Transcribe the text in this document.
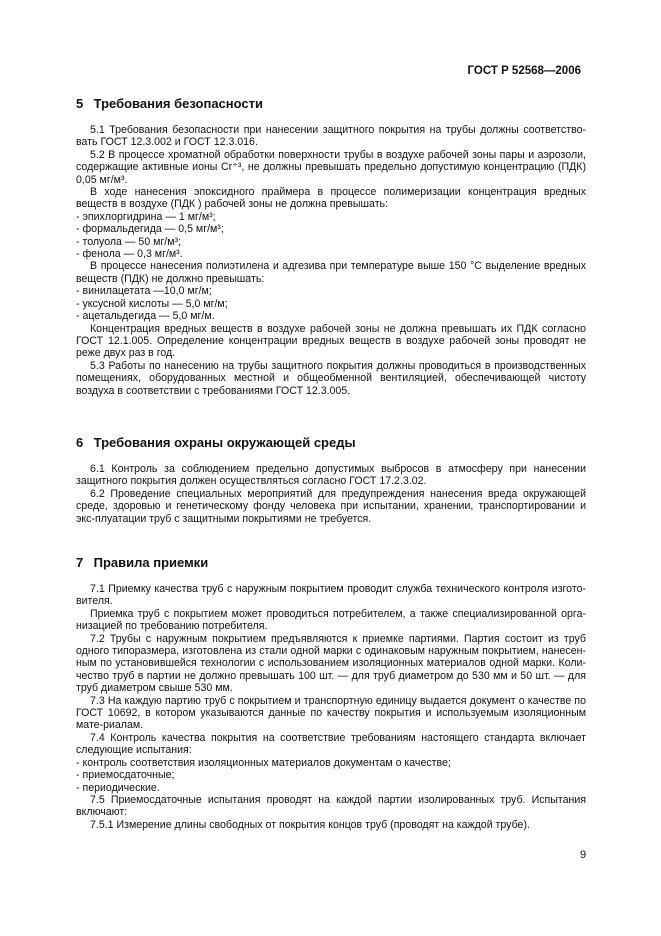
ГОСТ Р 52568—2006
5 Требования безопасности

5.1 Требования безопасности при нанесении защитного покрытия на трубы должны соответство-вать ГОСТ 12.3.002 и ГОСТ 12.3.016.

5.2 В процессе хроматной обработки поверхности трубы в воздухе рабочей зоны пары и аэрозоли, содержащие активные ионы Cr⁺³, не должны превышать предельно допустимую концентрацию (ПДК) 0,05 мг/м³.

В ходе нанесения эпоксидного праймера в процессе полимеризации концентрация вредных веществ в воздухе (ПДК ) рабочей зоны не должна превышать:

- эпихлоргидрина — 1 мг/м³;

- формальдегида — 0,5 мг/м³;

- толуола — 50 мг/м³;

- фенола — 0,3 мг/м³.

В процессе нанесения полиэтилена и адгезива при температуре выше 150 °С выделение вредных веществ (ПДК) не должно превышать:

- винилацетата —10,0 мг/м;

- уксусной кислоты — 5,0 мг/м;

- ацетальдегида — 5,0 мг/м.

Концентрация вредных веществ в воздухе рабочей зоны не должна превышать их ПДК согласно ГОСТ 12.1.005. Определение концентрации вредных веществ в воздухе рабочей зоны проводят не реже двух раз в год.

5.3 Работы по нанесению на трубы защитного покрытия должны проводиться в производственных помещениях, оборудованных местной и общеобменной вентиляцией, обеспечивающей чистоту воздуха в соответствии с требованиями ГОСТ 12.3.005.

6 Требования охраны окружающей среды

6.1 Контроль за соблюдением предельно допустимых выбросов в атмосферу при нанесении защитного покрытия должен осуществляться согласно ГОСТ 17.2.3.02.

6.2 Проведение специальных мероприятий для предупреждения нанесения вреда окружающей среде, здоровью и генетическому фонду человека при испытании, хранении, транспортировании и экс-плуатации труб с защитными покрытиями не требуется.

7 Правила приемки

7.1 Приемку качества труб с наружным покрытием проводит служба технического контроля изгото-вителя.

Приемка труб с покрытием может проводиться потребителем, а также специализированной орга-низацией по требованию потребителя.

7.2 Трубы с наружным покрытием предъявляются к приемке партиями. Партия состоит из труб одного типоразмера, изготовлена из стали одной марки с одинаковым наружным покрытием, нанесен-ным по установившейся технологии с использованием изоляционных материалов одной марки. Коли-чество труб в партии не должно превышать 100 шт. — для труб диаметром до 530 мм и 50 шт. — для труб диаметром свыше 530 мм.

7.3 На каждую партию труб с покрытием и транспортную единицу выдается документ о качестве по ГОСТ 10692, в котором указываются данные по качеству покрытия и используемым изоляционным мате-риалам.

7.4 Контроль качества покрытия на соответствие требованиям настоящего стандарта включает следующие испытания:

- контроль соответствия изоляционных материалов документам о качестве;

- приемосдаточные;

- периодические.

7.5 Приемосдаточные испытания проводят на каждой партии изолированных труб. Испытания включают:

7.5.1 Измерение длины свободных от покрытия концов труб (проводят на каждой трубе).

9
